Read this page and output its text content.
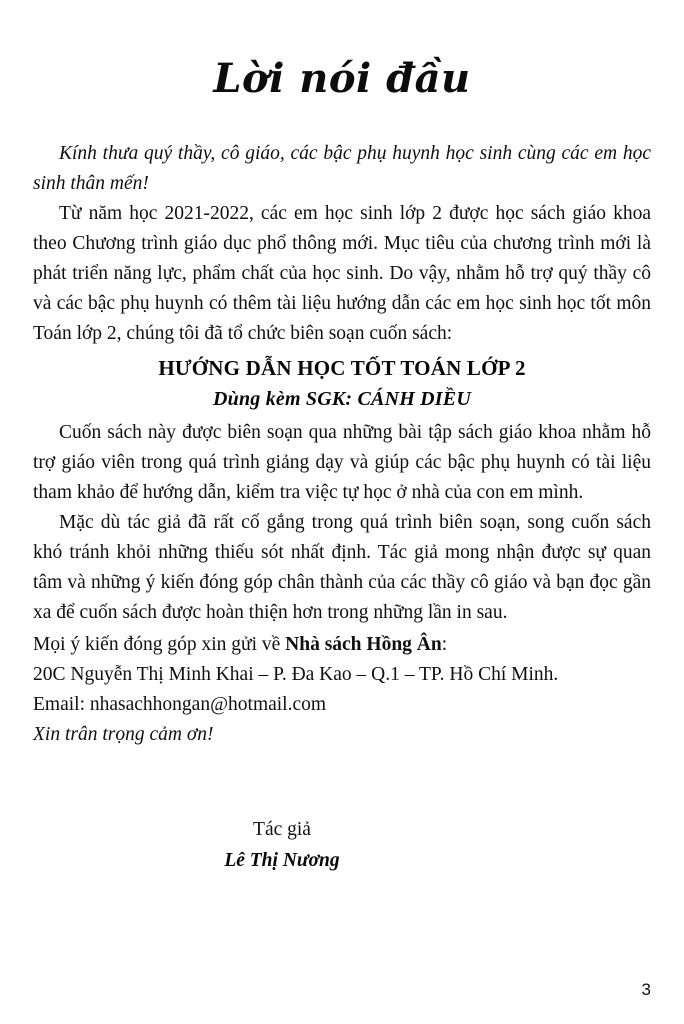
Lời nói đầu

Kính thưa quý thầy, cô giáo, các bậc phụ huynh học sinh cùng các em học sinh thân mến!

Từ năm học 2021-2022, các em học sinh lớp 2 được học sách giáo khoa theo Chương trình giáo dục phổ thông mới. Mục tiêu của chương trình mới là phát triển năng lực, phẩm chất của học sinh. Do vậy, nhằm hỗ trợ quý thầy cô và các bậc phụ huynh có thêm tài liệu hướng dẫn các em học sinh học tốt môn Toán lớp 2, chúng tôi đã tổ chức biên soạn cuốn sách:

HƯỚNG DẪN HỌC TỐT TOÁN LỚP 2

Dùng kèm SGK: CÁNH DIỀU

Cuốn sách này được biên soạn qua những bài tập sách giáo khoa nhằm hỗ trợ giáo viên trong quá trình giảng dạy và giúp các bậc phụ huynh có tài liệu tham khảo để hướng dẫn, kiểm tra việc tự học ở nhà của con em mình.

Mặc dù tác giả đã rất cố gắng trong quá trình biên soạn, song cuốn sách khó tránh khỏi những thiếu sót nhất định. Tác giả mong nhận được sự quan tâm và những ý kiến đóng góp chân thành của các thầy cô giáo và bạn đọc gần xa để cuốn sách được hoàn thiện hơn trong những lần in sau.

Mọi ý kiến đóng góp xin gửi về Nhà sách Hồng Ân:

20C Nguyễn Thị Minh Khai – P. Đa Kao – Q.1 – TP. Hồ Chí Minh.

Email: nhasachhongan@hotmail.com

Xin trân trọng cảm ơn!

Tác giả

Lê Thị Nương

3
